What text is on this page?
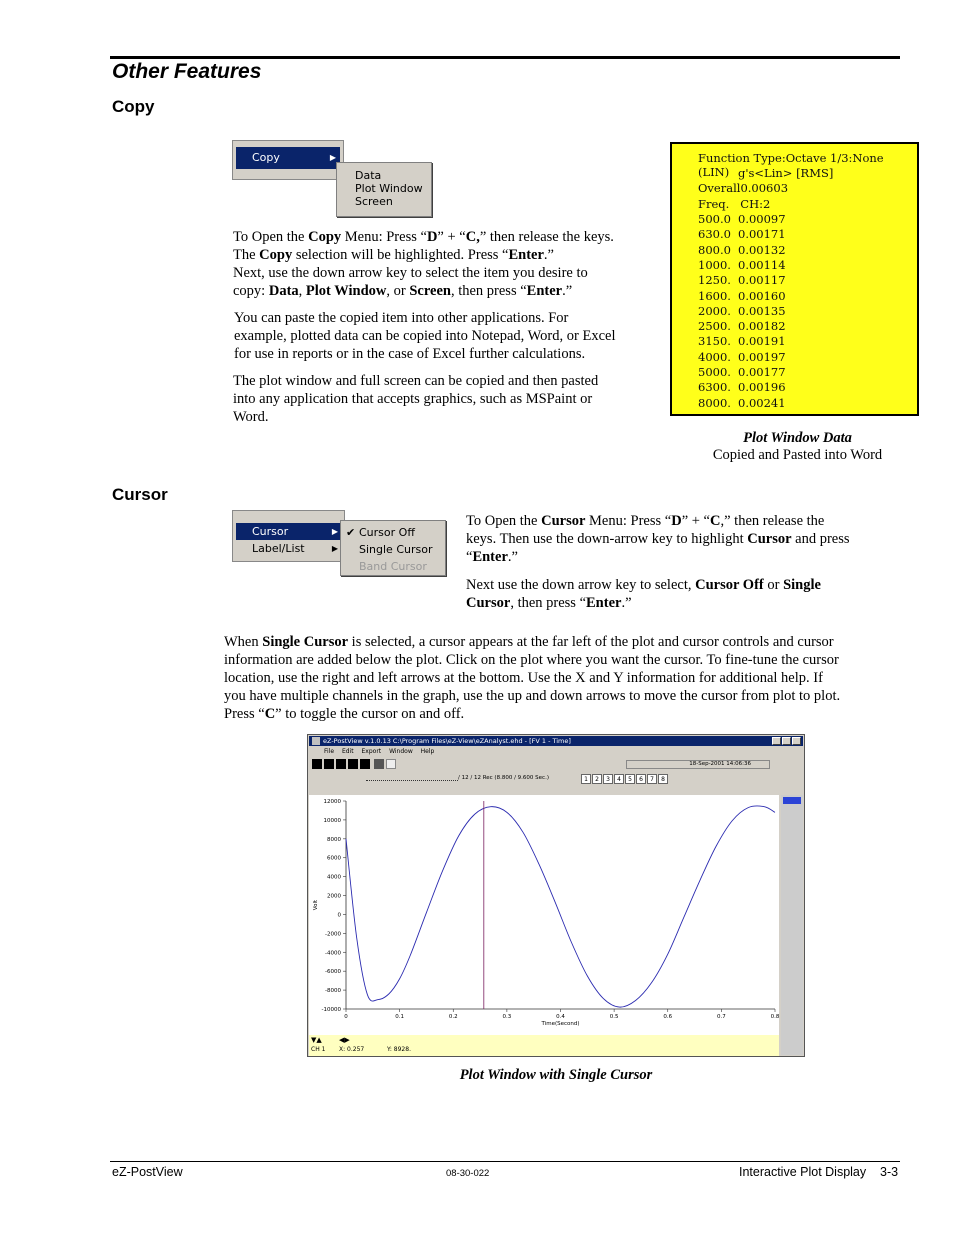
Other Features
Copy
Copy	▶
Data
Plot Window
Screen
To Open the Copy Menu: Press “D” + “C,” then release the keys.
The Copy selection will be highlighted. Press “Enter.”
Next, use the down arrow key to select the item you desire to
copy: Data, Plot Window, or Screen, then press “Enter.”
You can paste the copied item into other applications. For
example, plotted data can be copied into Notepad, Word, or Excel
for use in reports or in the case of Excel further calculations.
The plot window and full screen can be copied and then pasted
into any application that accepts graphics, such as MSPaint or
Word.
Function Type:Octave 1/3:None (LIN) g's<Lin> [RMS]
Overall0.00603
Freq. CH:2
500.0 0.00097
630.0 0.00171
800.0 0.00132
1000. 0.00114
1250. 0.00117
1600. 0.00160
2000. 0.00135
2500. 0.00182
3150. 0.00191
4000. 0.00197
5000. 0.00177
6300. 0.00196
8000. 0.00241
Plot Window Data
Copied and Pasted into Word
Cursor
Cursor	▶
Label/List	▶
✔ Cursor Off
Single Cursor
Band Cursor
To Open the Cursor Menu: Press “D” + “C,” then release the
keys. Then use the down-arrow key to highlight Cursor and press
“Enter.”
Next use the down arrow key to select, Cursor Off or Single
Cursor, then press “Enter.”
When Single Cursor is selected, a cursor appears at the far left of the plot and cursor controls and cursor
information are added below the plot. Click on the plot where you want the cursor. To fine-tune the cursor
location, use the right and left arrows at the bottom. Use the X and Y information for additional help. If
you have multiple channels in the graph, use the up and down arrows to move the cursor from plot to plot.
Press “C” to toggle the cursor on and off.
eZ-PostView v.1.0.13 C:\Program Files\eZ-View\eZAnalyst.ehd - [FV 1 - Time]
File Edit Export Window Help
18-Sep-2001 14:06:36
/ 12 / 12 Rec (8.800 / 9.600 Sec.)	1	2	3	4	5	6	7	8
12000
10000
8000
6000
4000
2000
0
-2000
-4000
-6000
-8000
-10000
0	0.1	0.2	0.3	0.4	0.5	0.6	0.7	0.8
Time(Second)
Volt
▼▲ ◀▶
CH 1 X: 0.257	Y: 8928.
Plot Window with Single Cursor
eZ-PostView	08-30-022	Interactive Plot Display    3-3
